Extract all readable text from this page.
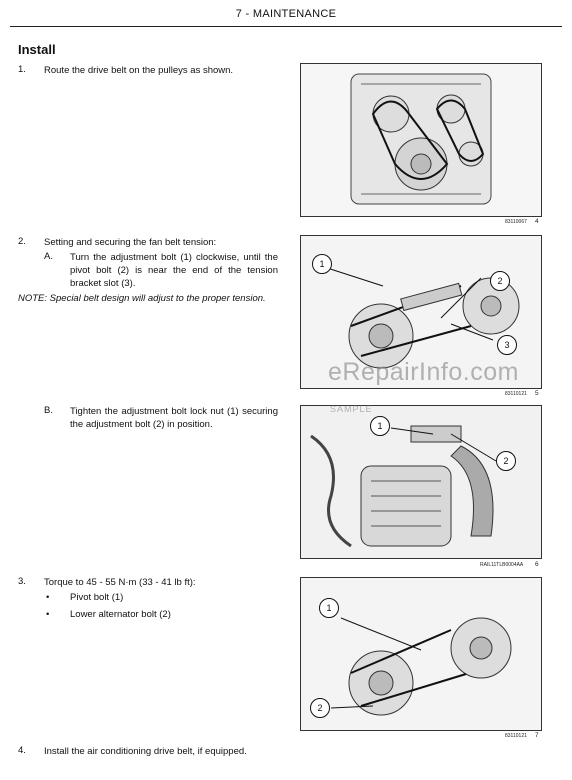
7 - MAINTENANCE
Install
1. Route the drive belt on the pulleys as shown.
2. Setting and securing the fan belt tension:
A. Turn the adjustment bolt (1) clockwise, until the pivot bolt (2) is near the end of the tension bracket slot (3).
NOTE: Special belt design will adjust to the proper tension.
B. Tighten the adjustment bolt lock nut (1) securing the adjustment bolt (2) in position.
3. Torque to 45 - 55 N·m (33 - 41 lb ft):
• Pivot bolt (1)
• Lower alternator bolt (2)
4. Install the air conditioning drive belt, if equipped.
83110067 4
1
2
3
83110121 5
1
2
RAIL11TLB0004AA 6
1
2
83110121 7
eRepairInfo.com
SAMPLE
